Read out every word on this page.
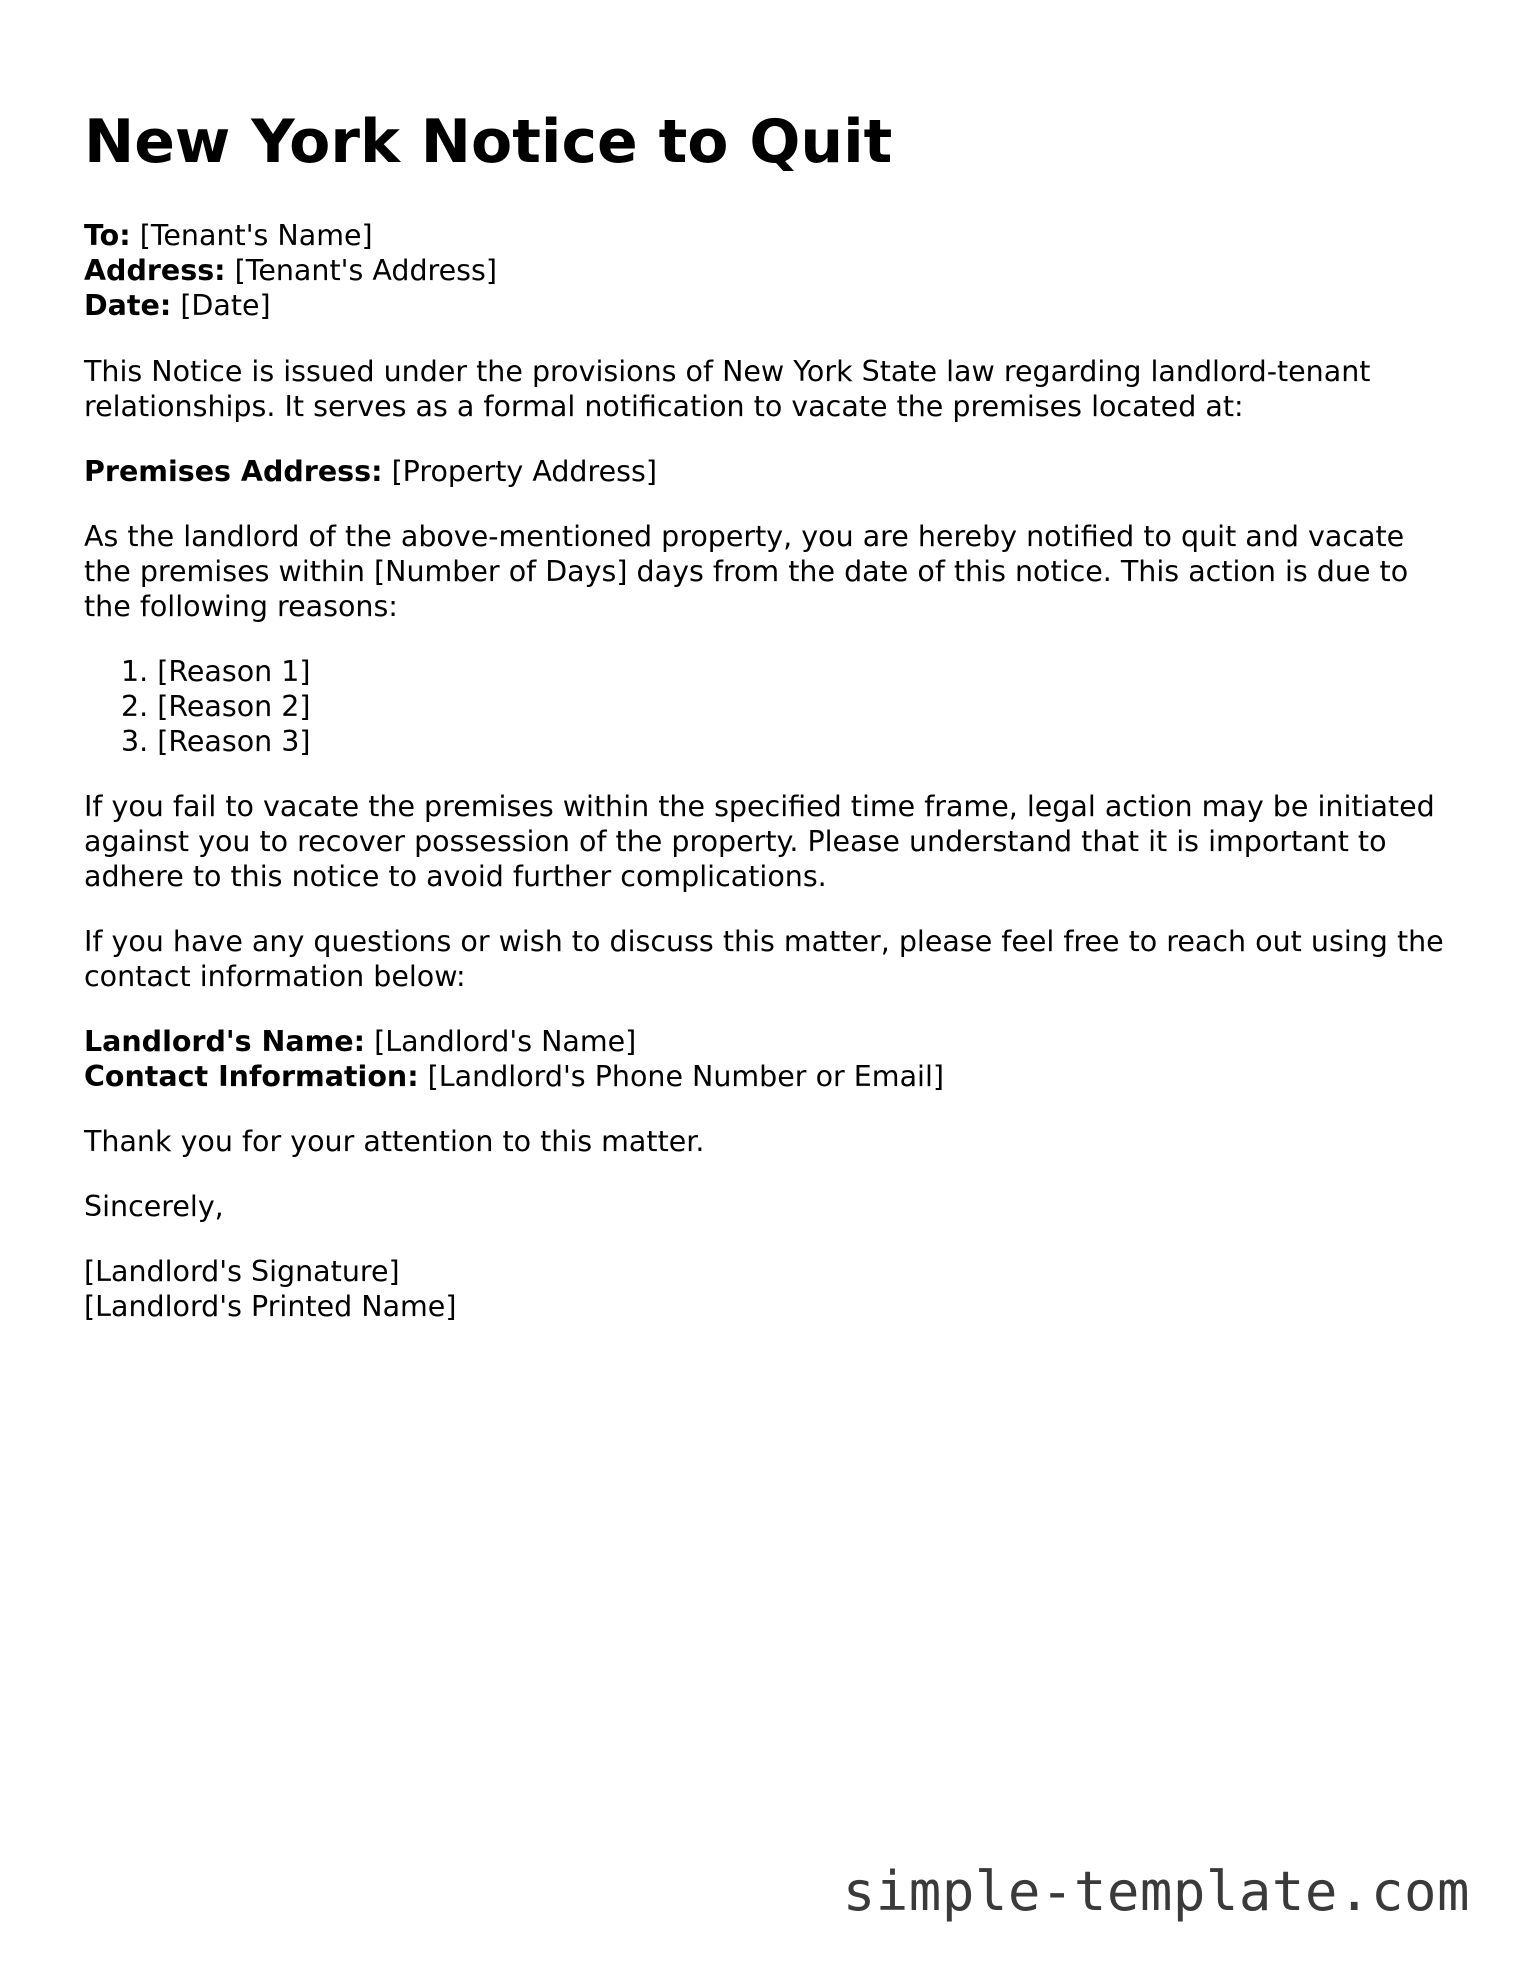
New York Notice to Quit
To: [Tenant's Name]
Address: [Tenant's Address]
Date: [Date]

This Notice is issued under the provisions of New York State law regarding landlord-tenant relationships. It serves as a formal notification to vacate the premises located at:

Premises Address: [Property Address]

As the landlord of the above-mentioned property, you are hereby notified to quit and vacate the premises within [Number of Days] days from the date of this notice. This action is due to the following reasons:

1. [Reason 1]
2. [Reason 2]
3. [Reason 3]

If you fail to vacate the premises within the specified time frame, legal action may be initiated against you to recover possession of the property. Please understand that it is important to adhere to this notice to avoid further complications.

If you have any questions or wish to discuss this matter, please feel free to reach out using the contact information below:

Landlord's Name: [Landlord's Name]
Contact Information: [Landlord's Phone Number or Email]

Thank you for your attention to this matter.

Sincerely,

[Landlord's Signature]
[Landlord's Printed Name]
simple-template.com
